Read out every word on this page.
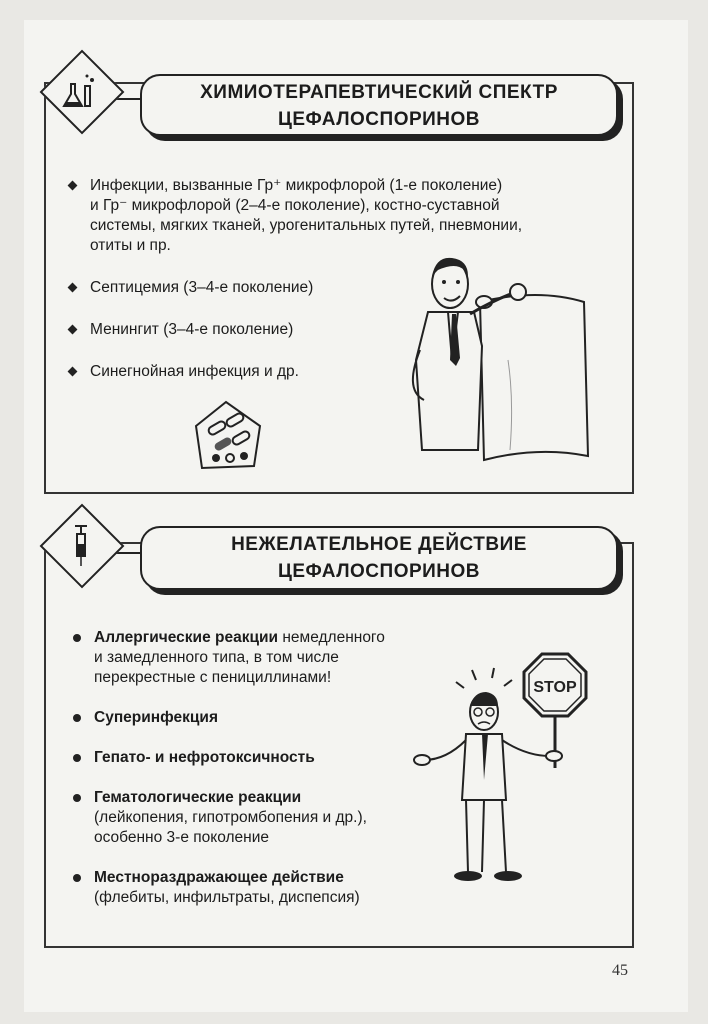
ХИМИОТЕРАПЕВТИЧЕСКИЙ СПЕКТР
ЦЕФАЛОСПОРИНОВ
Инфекции, вызванные Гр⁺ микрофлорой (1-е поколение)
и Гр⁻ микрофлорой (2–4-е поколение), костно-суставной
системы, мягких тканей, урогенитальных путей, пневмонии,
отиты и пр.
Септицемия (3–4-е поколение)
Менингит (3–4-е поколение)
Синегнойная инфекция и др.
НЕЖЕЛАТЕЛЬНОЕ ДЕЙСТВИЕ
ЦЕФАЛОСПОРИНОВ
Аллергические реакции немедленного
и замедленного типа, в том числе
перекрестные с пенициллинами!
Суперинфекция
Гепато- и нефротоксичность
Гематологические реакции
(лейкопения, гипотромбопения и др.),
особенно 3-е поколение
Местнораздражающее действие
(флебиты, инфильтраты, диспепсия)
STOP
45
